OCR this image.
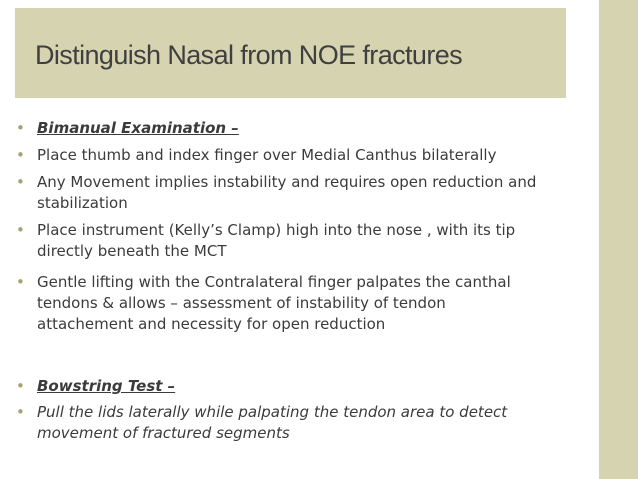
Distinguish Nasal from NOE fractures
• Bimanual Examination –
• Place thumb and index finger over Medial Canthus bilaterally
• Any Movement implies instability and requires open reduction and stabilization
• Place instrument (Kelly’s Clamp) high into the nose , with its tip directly beneath the MCT
• Gentle lifting with the Contralateral finger palpates the canthal tendons & allows – assessment of instability of tendon attachement and necessity for open reduction
• Bowstring Test –
• Pull the lids laterally while palpating the tendon area to detect movement of fractured segments
